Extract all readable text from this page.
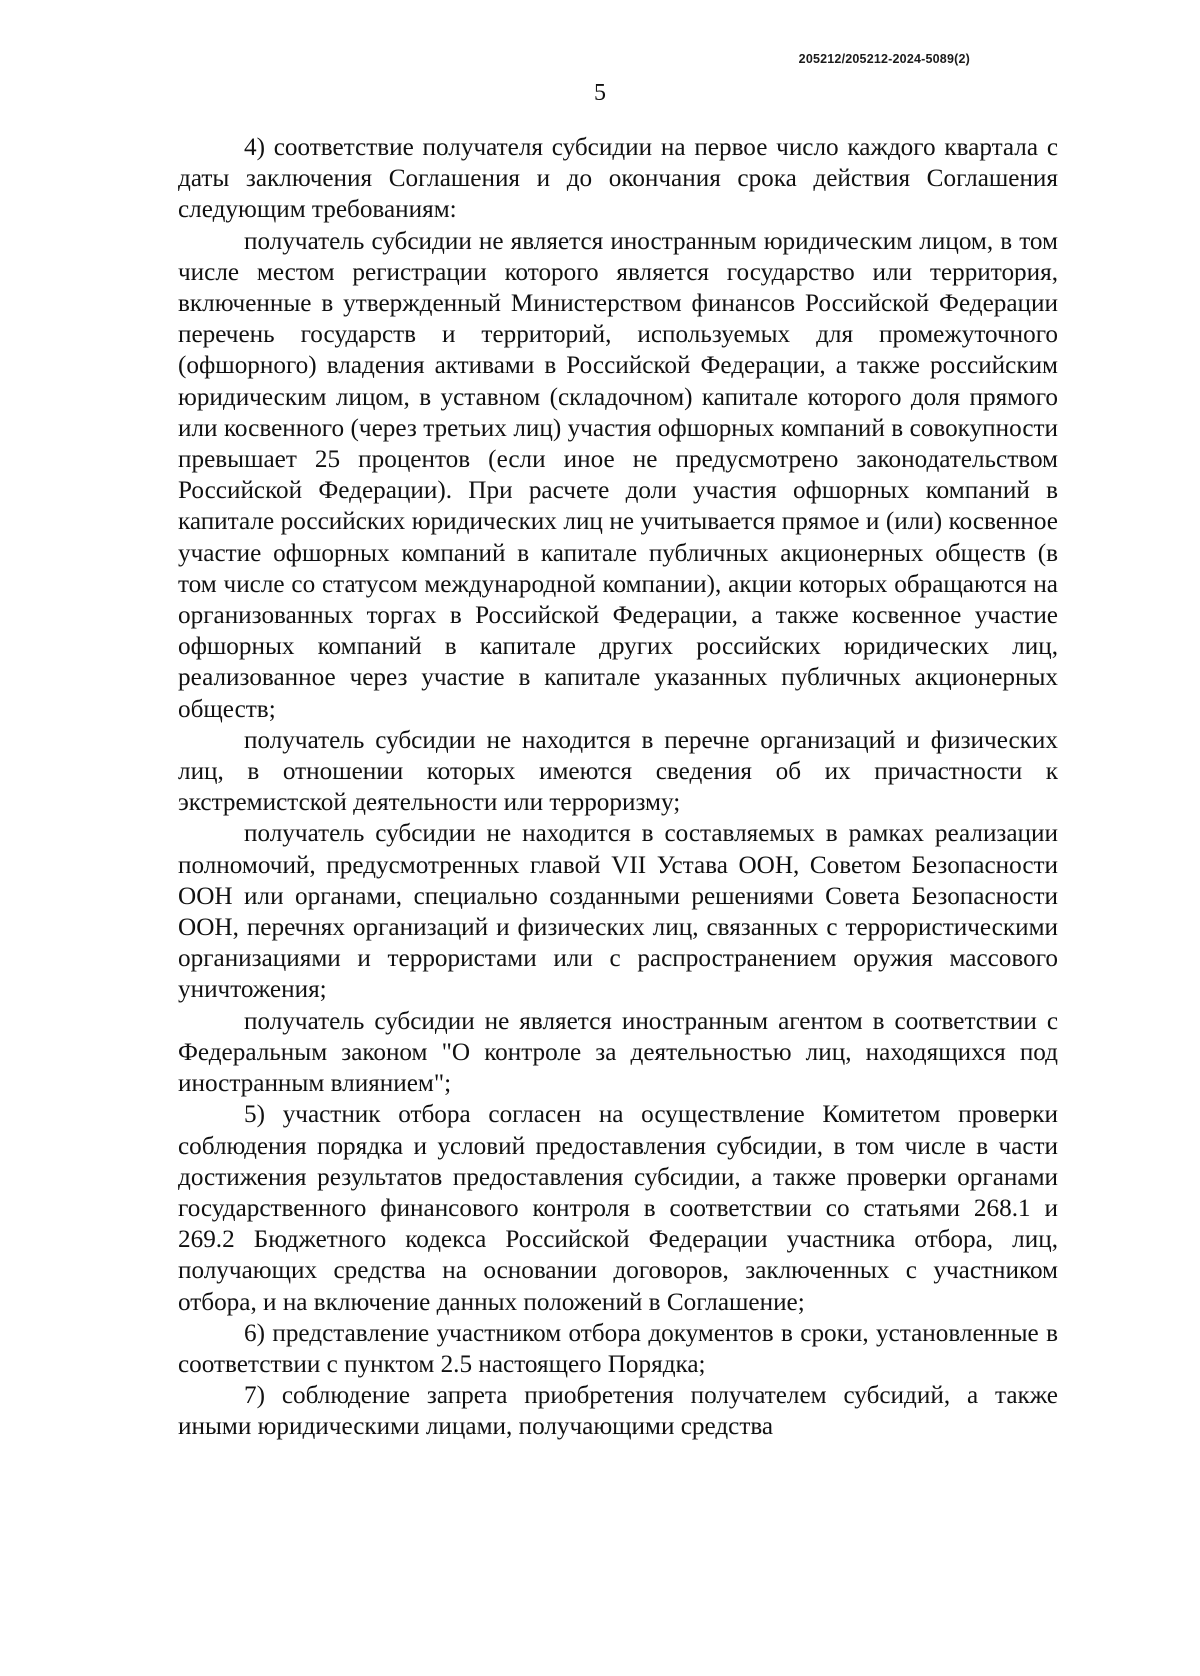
205212/205212-2024-5089(2)
5

4) соответствие получателя субсидии на первое число каждого квартала с даты заключения Соглашения и до окончания срока действия Соглашения следующим требованиям:

получатель субсидии не является иностранным юридическим лицом, в том числе местом регистрации которого является государство или территория, включенные в утвержденный Министерством финансов Российской Федерации перечень государств и территорий, используемых для промежуточного (офшорного) владения активами в Российской Федерации, а также российским юридическим лицом, в уставном (складочном) капитале которого доля прямого или косвенного (через третьих лиц) участия офшорных компаний в совокупности превышает 25 процентов (если иное не предусмотрено законодательством Российской Федерации). При расчете доли участия офшорных компаний в капитале российских юридических лиц не учитывается прямое и (или) косвенное участие офшорных компаний в капитале публичных акционерных обществ (в том числе со статусом международной компании), акции которых обращаются на организованных торгах в Российской Федерации, а также косвенное участие офшорных компаний в капитале других российских юридических лиц, реализованное через участие в капитале указанных публичных акционерных обществ;

получатель субсидии не находится в перечне организаций и физических лиц, в отношении которых имеются сведения об их причастности к экстремистской деятельности или терроризму;

получатель субсидии не находится в составляемых в рамках реализации полномочий, предусмотренных главой VII Устава ООН, Советом Безопасности ООН или органами, специально созданными решениями Совета Безопасности ООН, перечнях организаций и физических лиц, связанных с террористическими организациями и террористами или с распространением оружия массового уничтожения;

получатель субсидии не является иностранным агентом в соответствии с Федеральным законом "О контроле за деятельностью лиц, находящихся под иностранным влиянием";

5) участник отбора согласен на осуществление Комитетом проверки соблюдения порядка и условий предоставления субсидии, в том числе в части достижения результатов предоставления субсидии, а также проверки органами государственного финансового контроля в соответствии со статьями 268.1 и 269.2 Бюджетного кодекса Российской Федерации участника отбора, лиц, получающих средства на основании договоров, заключенных с участником отбора, и на включение данных положений в Соглашение;

6) представление участником отбора документов в сроки, установленные в соответствии с пунктом 2.5 настоящего Порядка;

7) соблюдение запрета приобретения получателем субсидий, а также иными юридическими лицами, получающими средства
